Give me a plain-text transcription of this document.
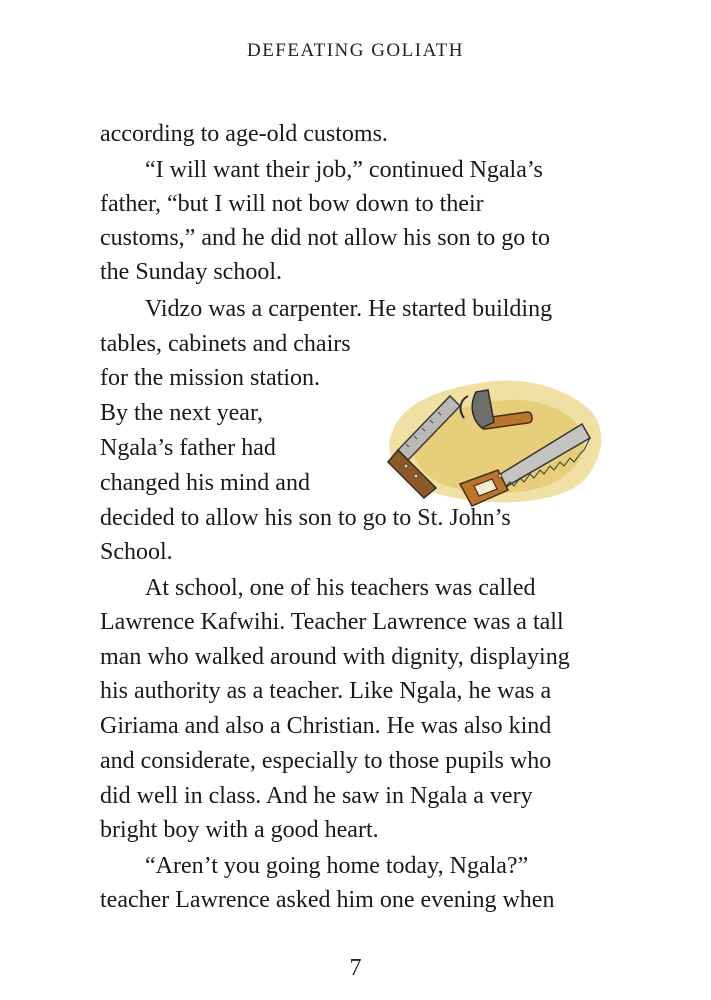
DEFEATING GOLIATH
according to age-old customs.
“I will want their job,” continued Ngala’s
father, “but I will not bow down to their
customs,” and he did not allow his son to go to
the Sunday school.
Vidzo was a carpenter. He started building
tables, cabinets and chairs
for the mission station.
By the next year,
Ngala’s father had
changed his mind and
decided to allow his son to go to St. John’s
School.
At school, one of his teachers was called
Lawrence Kafwihi. Teacher Lawrence was a tall
man who walked around with dignity, displaying
his authority as a teacher. Like Ngala, he was a
Giriama and also a Christian. He was also kind
and considerate, especially to those pupils who
did well in class. And he saw in Ngala a very
bright boy with a good heart.
“Aren’t you going home today, Ngala?”
teacher Lawrence asked him one evening when
7
